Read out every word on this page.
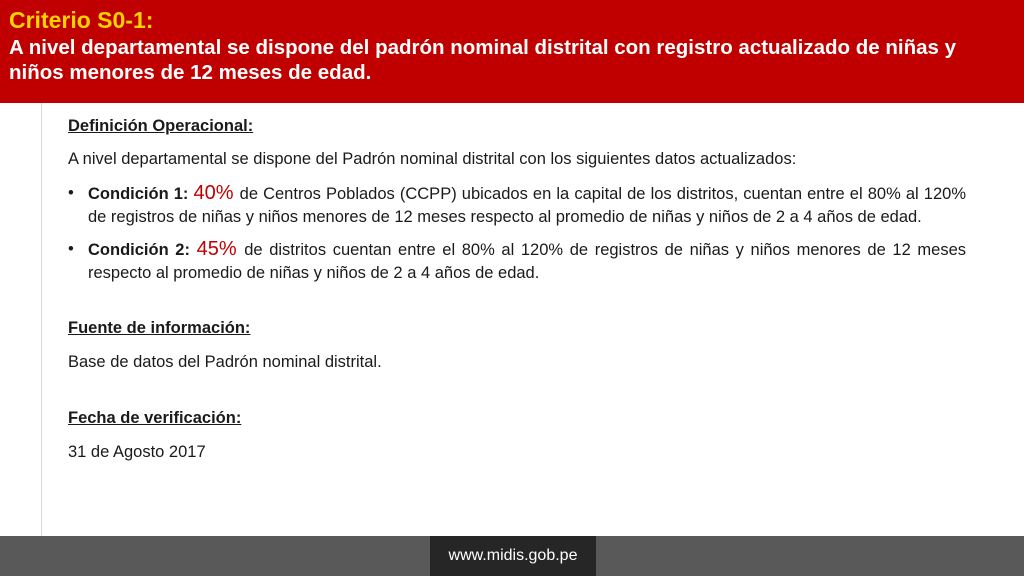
Criterio S0-1:

A nivel departamental se dispone del padrón nominal distrital con registro actualizado de niñas y niños menores de 12 meses de edad.

Definición Operacional:

A nivel departamental se dispone del Padrón nominal distrital con los siguientes datos actualizados:

• Condición 1: 40% de Centros Poblados (CCPP) ubicados en la capital de los distritos, cuentan entre el 80% al 120% de registros de niñas y niños menores de 12 meses respecto al promedio de niñas y niños de 2 a 4 años de edad.
• Condición 2: 45% de distritos cuentan entre el 80% al 120% de registros de niñas y niños menores de 12 meses respecto al promedio de niñas y niños de 2 a 4 años de edad.

Fuente de información:

Base de datos del Padrón nominal distrital.

Fecha de verificación:

31 de Agosto 2017

www.midis.gob.pe
